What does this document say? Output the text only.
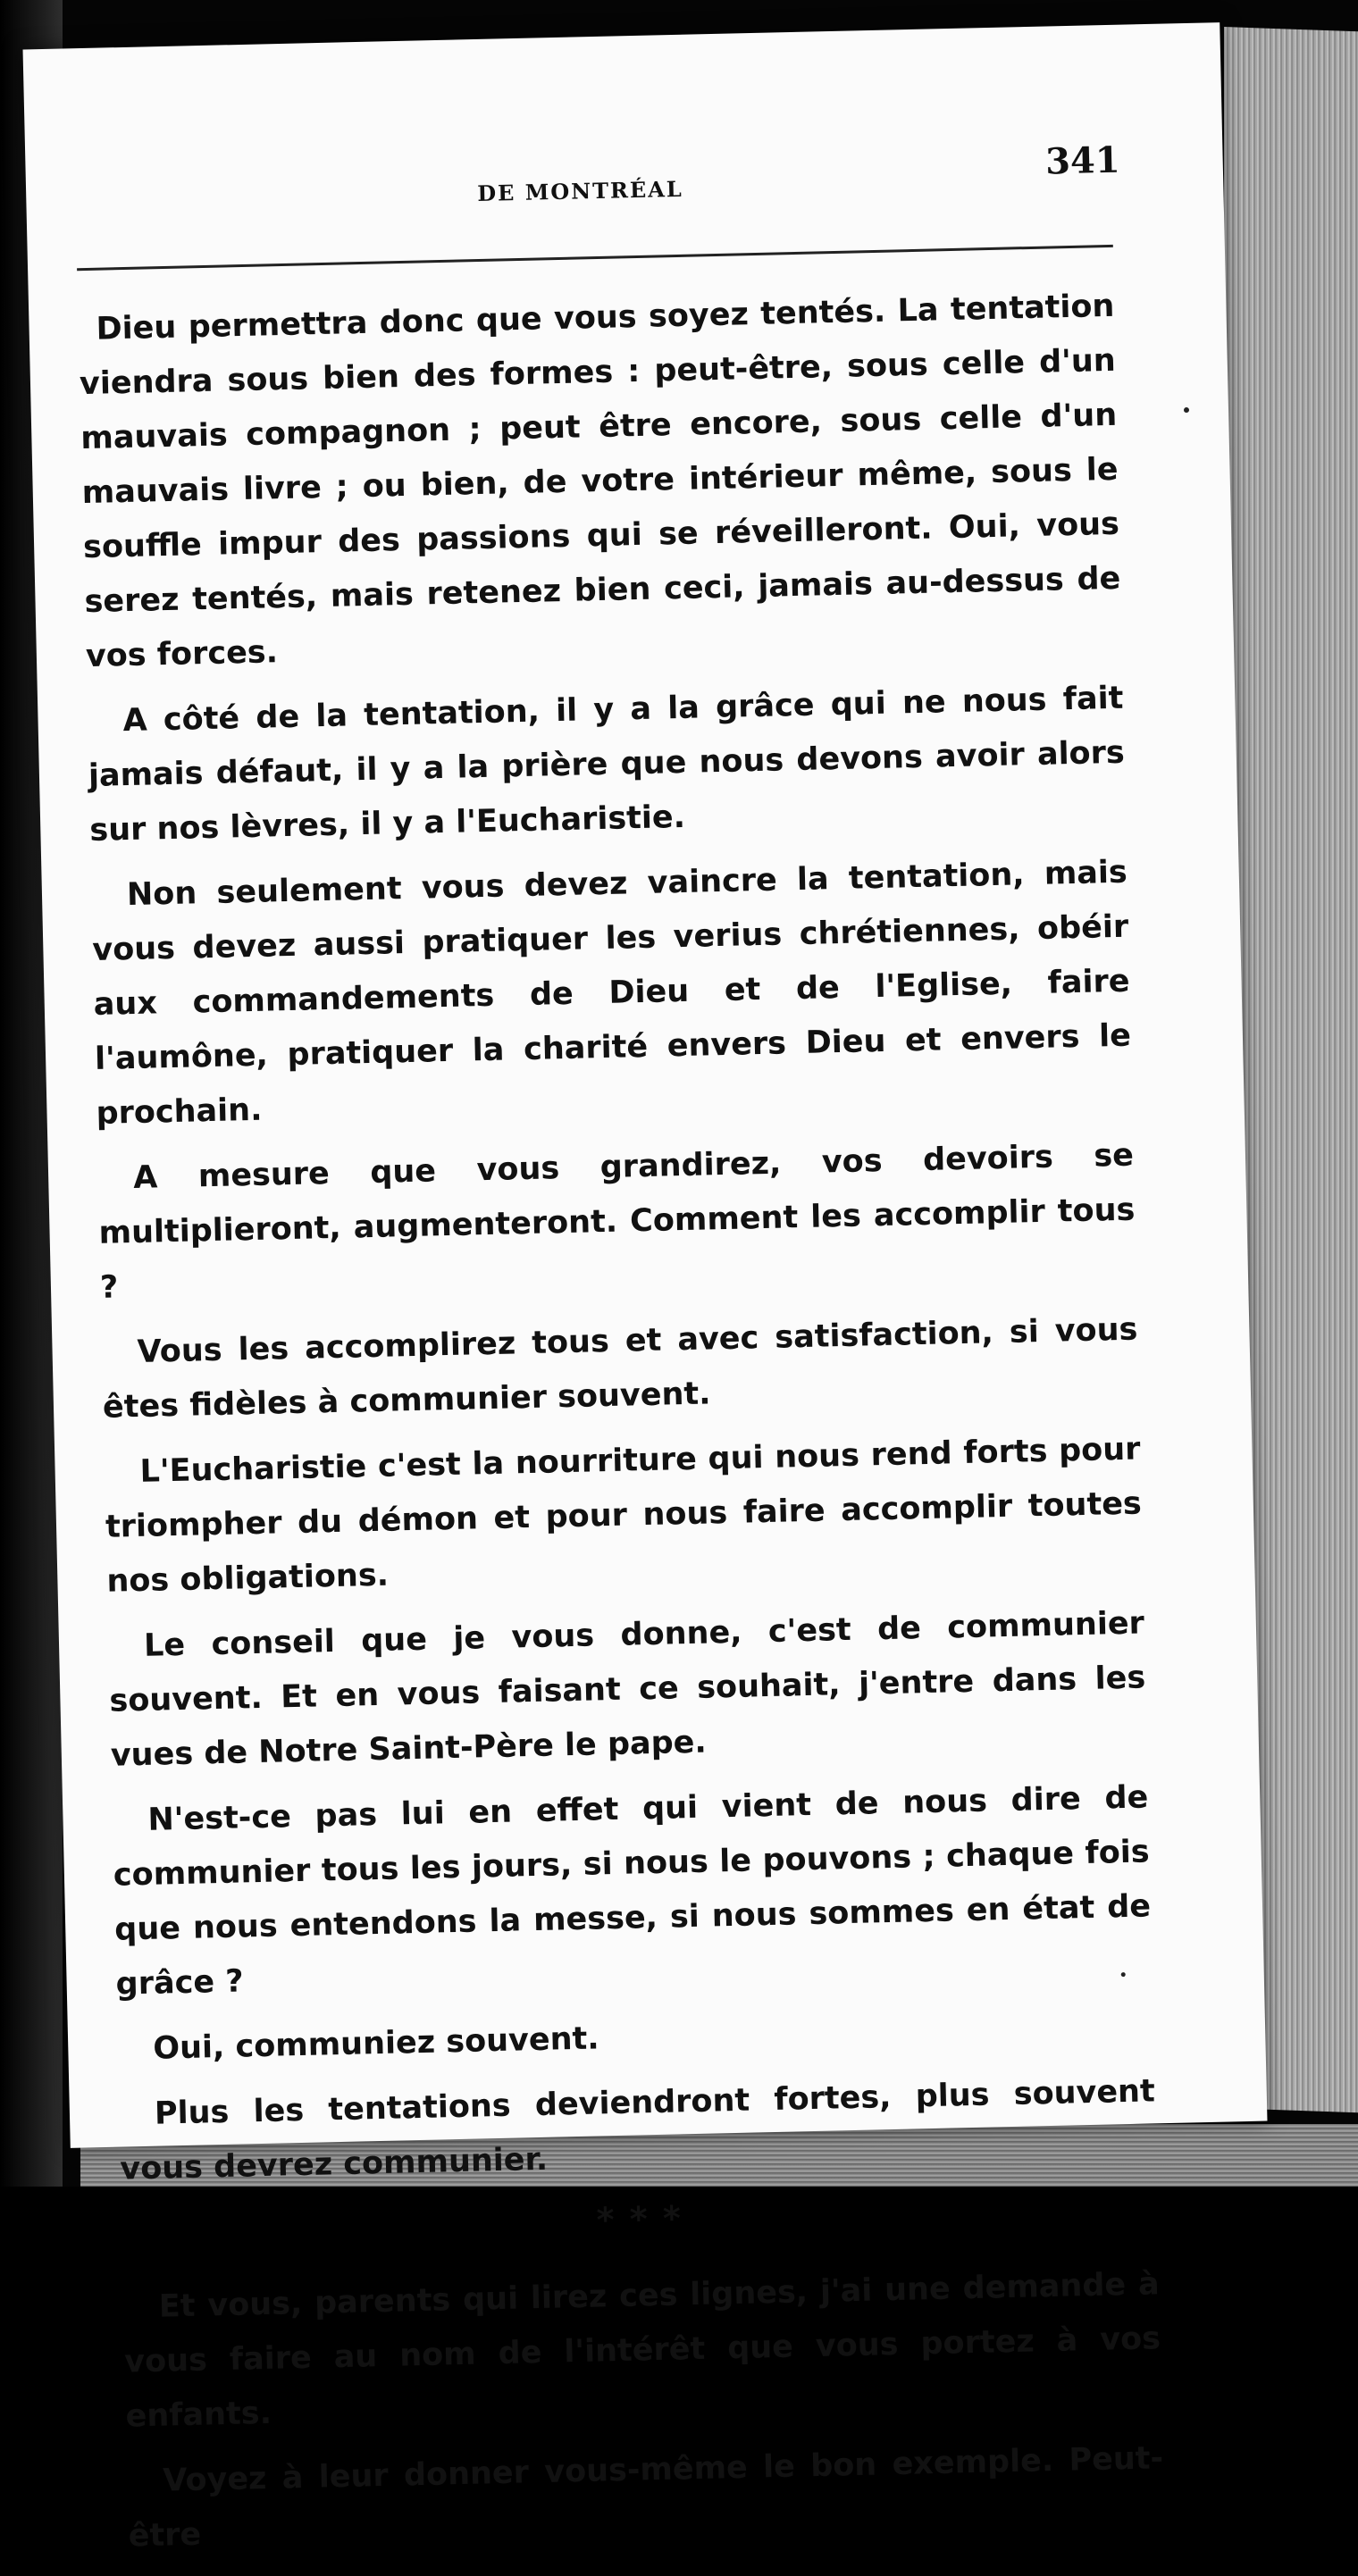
DE MONTRÉAL
341

Dieu permettra donc que vous soyez tentés. La tentation viendra sous bien des formes : peut-être, sous celle d'un mauvais compagnon ; peut être encore, sous celle d'un mauvais livre ; ou bien, de votre intérieur même, sous le souffle impur des passions qui se réveilleront. Oui, vous serez tentés, mais retenez bien ceci, jamais au-dessus de vos forces.

A côté de la tentation, il y a la grâce qui ne nous fait jamais défaut, il y a la prière que nous devons avoir alors sur nos lèvres, il y a l'Eucharistie.

Non seulement vous devez vaincre la tentation, mais vous devez aussi pratiquer les verius chrétiennes, obéir aux commandements de Dieu et de l'Eglise, faire l'aumône, pratiquer la charité envers Dieu et envers le prochain.

A mesure que vous grandirez, vos devoirs se multiplieront, augmenteront. Comment les accomplir tous ?

Vous les accomplirez tous et avec satisfaction, si vous êtes fidèles à communier souvent.

L'Eucharistie c'est la nourriture qui nous rend forts pour triompher du démon et pour nous faire accomplir toutes nos obligations.

Le conseil que je vous donne, c'est de communier souvent. Et en vous faisant ce souhait, j'entre dans les vues de Notre Saint-Père le pape.

N'est-ce pas lui en effet qui vient de nous dire de communier tous les jours, si nous le pouvons ; chaque fois que nous entendons la messe, si nous sommes en état de grâce ?

Oui, communiez souvent.

Plus les tentations deviendront fortes, plus souvent vous devrez communier.

* * *

Et vous, parents qui lirez ces lignes, j'ai une demande à vous faire au nom de l'intérêt que vous portez à vos enfants.

Voyez à leur donner vous-même le bon exemple. Peut-être
